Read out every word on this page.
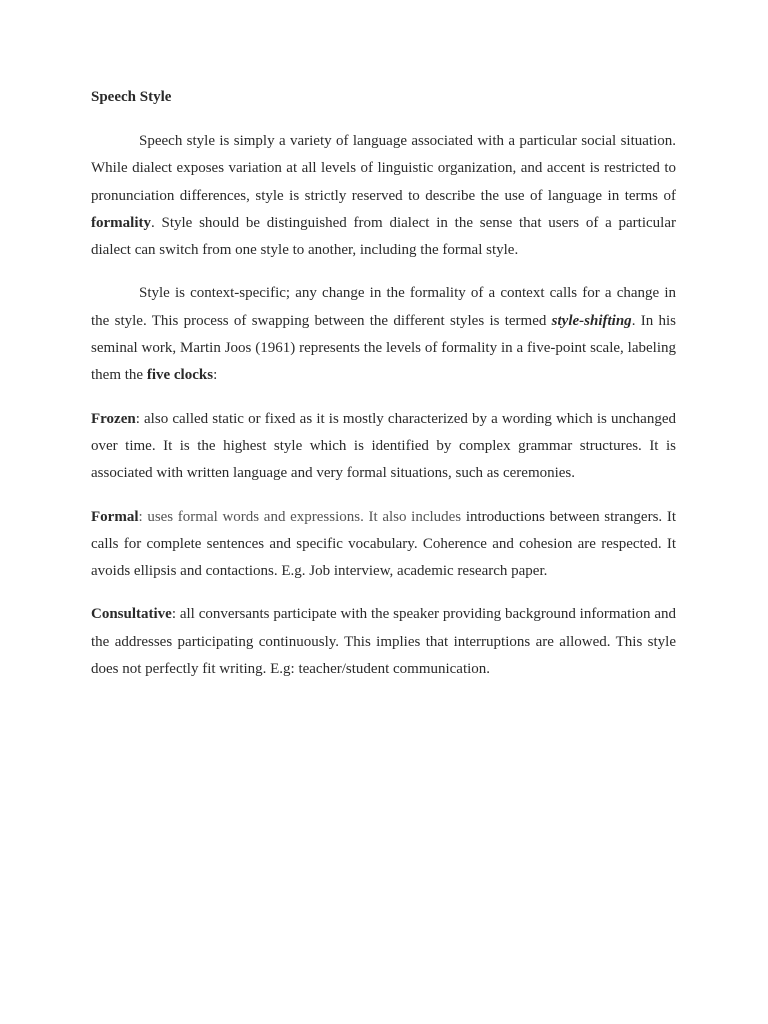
Speech Style

Speech style is simply a variety of language associated with a particular social situation. While dialect exposes variation at all levels of linguistic organization, and accent is restricted to pronunciation differences, style is strictly reserved to describe the use of language in terms of formality. Style should be distinguished from dialect in the sense that users of a particular dialect can switch from one style to another, including the formal style.

Style is context-specific; any change in the formality of a context calls for a change in the style. This process of swapping between the different styles is termed style-shifting. In his seminal work, Martin Joos (1961) represents the levels of formality in a five-point scale, labeling them the five clocks:

Frozen: also called static or fixed as it is mostly characterized by a wording which is unchanged over time. It is the highest style which is identified by complex grammar structures. It is associated with written language and very formal situations, such as ceremonies.

Formal: uses formal words and expressions. It also includes introductions between strangers. It calls for complete sentences and specific vocabulary. Coherence and cohesion are respected. It avoids ellipsis and contactions. E.g. Job interview, academic research paper.

Consultative: all conversants participate with the speaker providing background information and the addresses participating continuously. This implies that interruptions are allowed. This style does not perfectly fit writing. E.g: teacher/student communication.
